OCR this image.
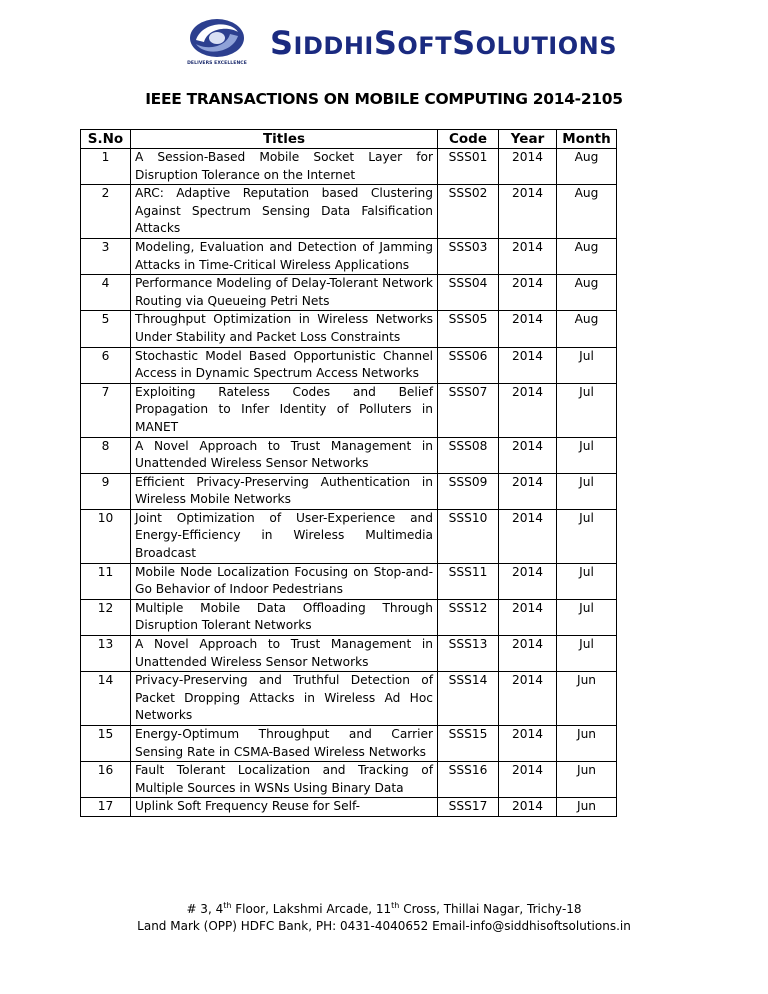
DELIVERS EXCELLENCE
SIDDHISOFTSOLUTIONS
IEEE TRANSACTIONS ON MOBILE COMPUTING 2014-2105
S.No	Titles	Code	Year	Month
1	A Session-Based Mobile Socket Layer for Disruption Tolerance on the Internet	SSS01	2014	Aug
2	ARC: Adaptive Reputation based Clustering Against Spectrum Sensing Data Falsification Attacks	SSS02	2014	Aug
3	Modeling, Evaluation and Detection of Jamming Attacks in Time-Critical Wireless Applications	SSS03	2014	Aug
4	Performance Modeling of Delay-Tolerant Network Routing via Queueing Petri Nets	SSS04	2014	Aug
5	Throughput Optimization in Wireless Networks Under Stability and Packet Loss Constraints	SSS05	2014	Aug
6	Stochastic Model Based Opportunistic Channel Access in Dynamic Spectrum Access Networks	SSS06	2014	Jul
7	Exploiting Rateless Codes and Belief Propagation to Infer Identity of Polluters in MANET	SSS07	2014	Jul
8	A Novel Approach to Trust Management in Unattended Wireless Sensor Networks	SSS08	2014	Jul
9	Efficient Privacy-Preserving Authentication in Wireless Mobile Networks	SSS09	2014	Jul
10	Joint Optimization of User-Experience and Energy-Efficiency in Wireless Multimedia Broadcast	SSS10	2014	Jul
11	Mobile Node Localization Focusing on Stop-and-Go Behavior of Indoor Pedestrians	SSS11	2014	Jul
12	Multiple Mobile Data Offloading Through Disruption Tolerant Networks	SSS12	2014	Jul
13	A Novel Approach to Trust Management in Unattended Wireless Sensor Networks	SSS13	2014	Jul
14	Privacy-Preserving and Truthful Detection of Packet Dropping Attacks in Wireless Ad Hoc Networks	SSS14	2014	Jun
15	Energy-Optimum Throughput and Carrier Sensing Rate in CSMA-Based Wireless Networks	SSS15	2014	Jun
16	Fault Tolerant Localization and Tracking of Multiple Sources in WSNs Using Binary Data	SSS16	2014	Jun
17	Uplink Soft Frequency Reuse for Self-	SSS17	2014	Jun
# 3, 4th Floor, Lakshmi Arcade, 11th Cross, Thillai Nagar, Trichy-18
Land Mark (OPP) HDFC Bank, PH: 0431-4040652 Email-info@siddhisoftsolutions.in
